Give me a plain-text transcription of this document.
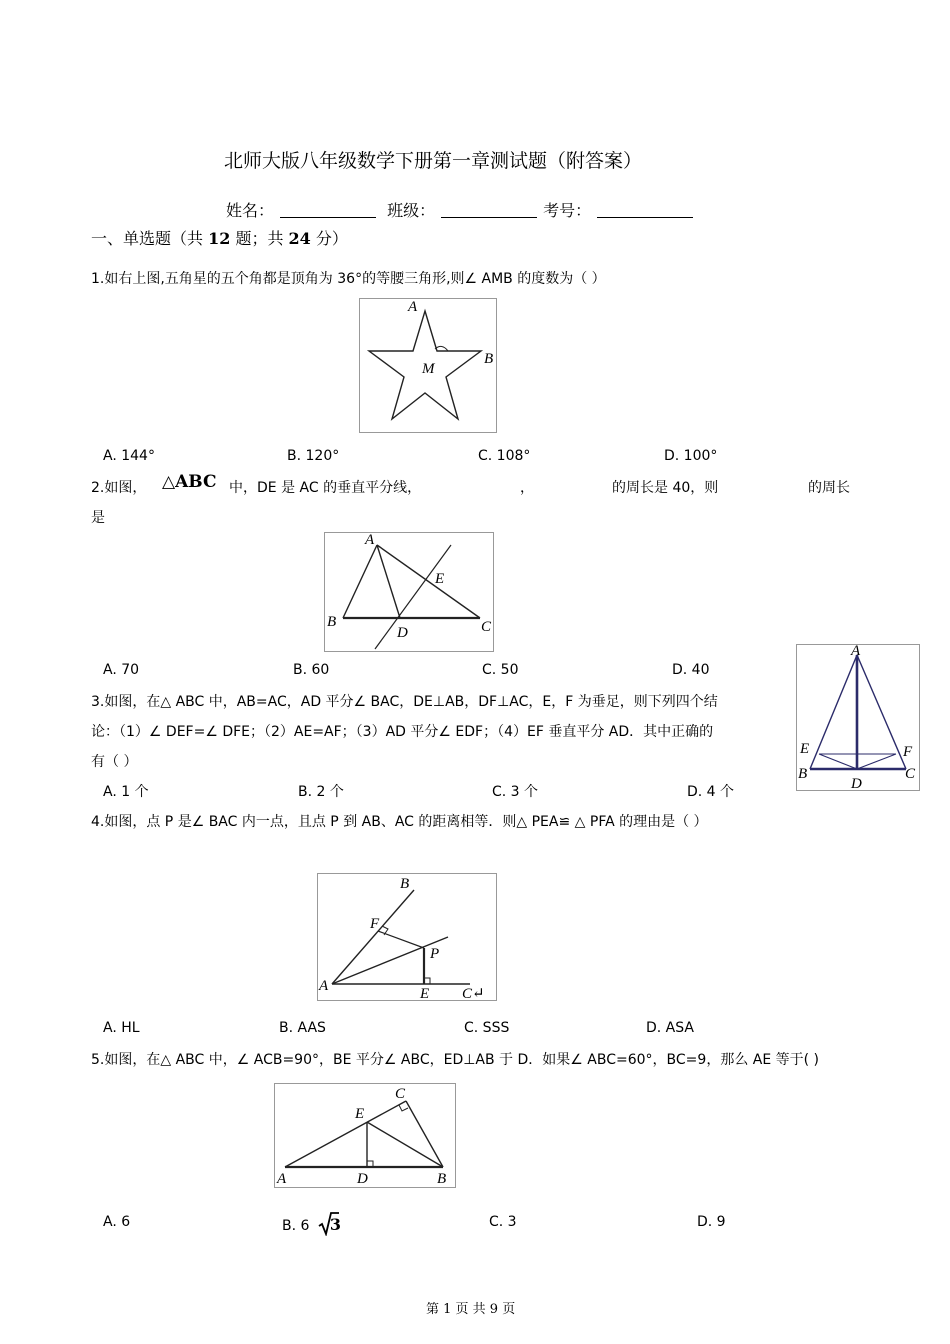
北师大版八年级数学下册第一章测试题（附答案）
姓名：	班级：	考号：
一、单选题（共 12 题；共 24 分）
1.如右上图,五角星的五个角都是顶角为 36°的等腰三角形,则∠ AMB 的度数为（ ）
A
B
M
A. 144°	B. 120°	C. 108°	D. 100°
2.如图， △ABC 中，DE 是 AC 的垂直平分线，	，	的周长是 40，则	的周长
是
A
B	C
D
E
A. 70	B. 60	C. 50	D. 40
A
E	F
B	C
D
3.如图，在△ ABC 中，AB=AC，AD 平分∠ BAC，DE⊥AB，DF⊥AC，E，F 为垂足，则下列四个结
论：（1）∠ DEF=∠ DFE；（2）AE=AF；（3）AD 平分∠ EDF；（4）EF 垂直平分 AD．其中正确的
有（ ）
A. 1 个	B. 2 个	C. 3 个	D. 4 个
4.如图，点 P 是∠ BAC 内一点，且点 P 到 AB、AC 的距离相等．则△ PEA≌ △ PFA 的理由是（ ）
B
F
P
A	E C↵
A. HL	B. AAS	C. SSS	D. ASA
5.如图，在△ ABC 中，∠ ACB=90°，BE 平分∠ ABC，ED⊥AB 于 D．如果∠ ABC=60°，BC=9，那么 AE 等于( )
C
E
A	D	B
A. 6	B. 6 3	C. 3	D. 9
第 1 页 共 9 页
